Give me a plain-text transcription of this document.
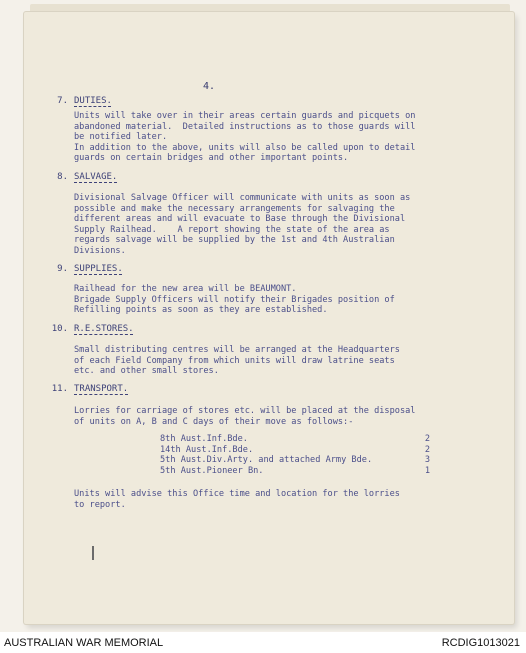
4.
7. DUTIES.
Units will take over in their areas certain guards and picquets on
abandoned material.  Detailed instructions as to those guards will
be notified later.
In addition to the above, units will also be called upon to detail
guards on certain bridges and other important points.
8. SALVAGE.
Divisional Salvage Officer will communicate with units as soon as
possible and make the necessary arrangements for salvaging the
different areas and will evacuate to Base through the Divisional
Supply Railhead.    A report showing the state of the area as
regards salvage will be supplied by the 1st and 4th Australian
Divisions.
9. SUPPLIES.
Railhead for the new area will be BEAUMONT.
Brigade Supply Officers will notify their Brigades position of
Refilling points as soon as they are established.
10. R.E.STORES.
Small distributing centres will be arranged at the Headquarters
of each Field Company from which units will draw latrine seats
etc. and other small stores.
11. TRANSPORT.
Lorries for carriage of stores etc. will be placed at the disposal
of units on A, B and C days of their move as follows:-
8th Aust.Inf.Bde.	2
14th Aust.Inf.Bde.	2
5th Aust.Div.Arty. and attached Army Bde.	3
5th Aust.Pioneer Bn.	1
Units will advise this Office time and location for the lorries
to report.
AUSTRALIAN WAR MEMORIAL	RCDIG1013021
